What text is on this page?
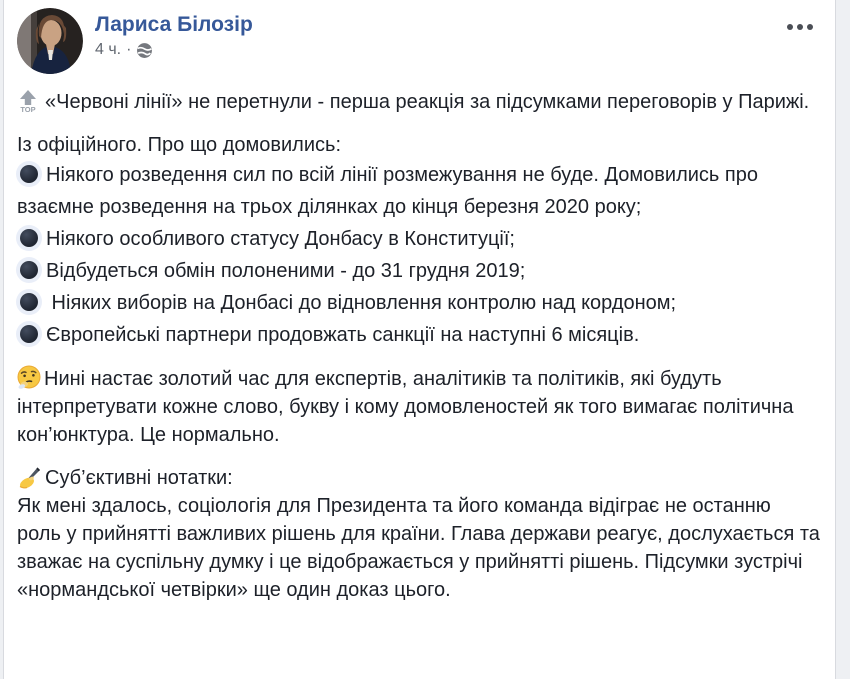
Лариса Білозір
4 ч. ·

TOP «Червоні лінії» не перетнули - перша реакція за підсумками переговорів у Парижі.

Із офіційного. Про що домовились:

Ніякого розведення сил по всій лінії розмежування не буде. Домовились про взаємне розведення на трьох ділянках до кінця березня 2020 року;
Ніякого особливого статусу Донбасу в Конституції;
Відбудеться обмін полоненими - до 31 грудня 2019;
Ніяких виборів на Донбасі до відновлення контролю над кордоном;
Європейські партнери продовжать санкції на наступні 6 місяців.

Нині настає золотий час для експертів, аналітиків та політиків, які будуть інтерпретувати кожне слово, букву і кому домовленостей як того вимагає політична кон’юнктура. Це нормально.

Суб’єктивні нотатки:

Як мені здалось, соціологія для Президента та його команда відіграє не останню роль у прийнятті важливих рішень для країни. Глава держави реагує, дослухається та зважає на суспільну думку і це відображається у прийнятті рішень. Підсумки зустрічі «нормандської четвірки» ще один доказ цього.
